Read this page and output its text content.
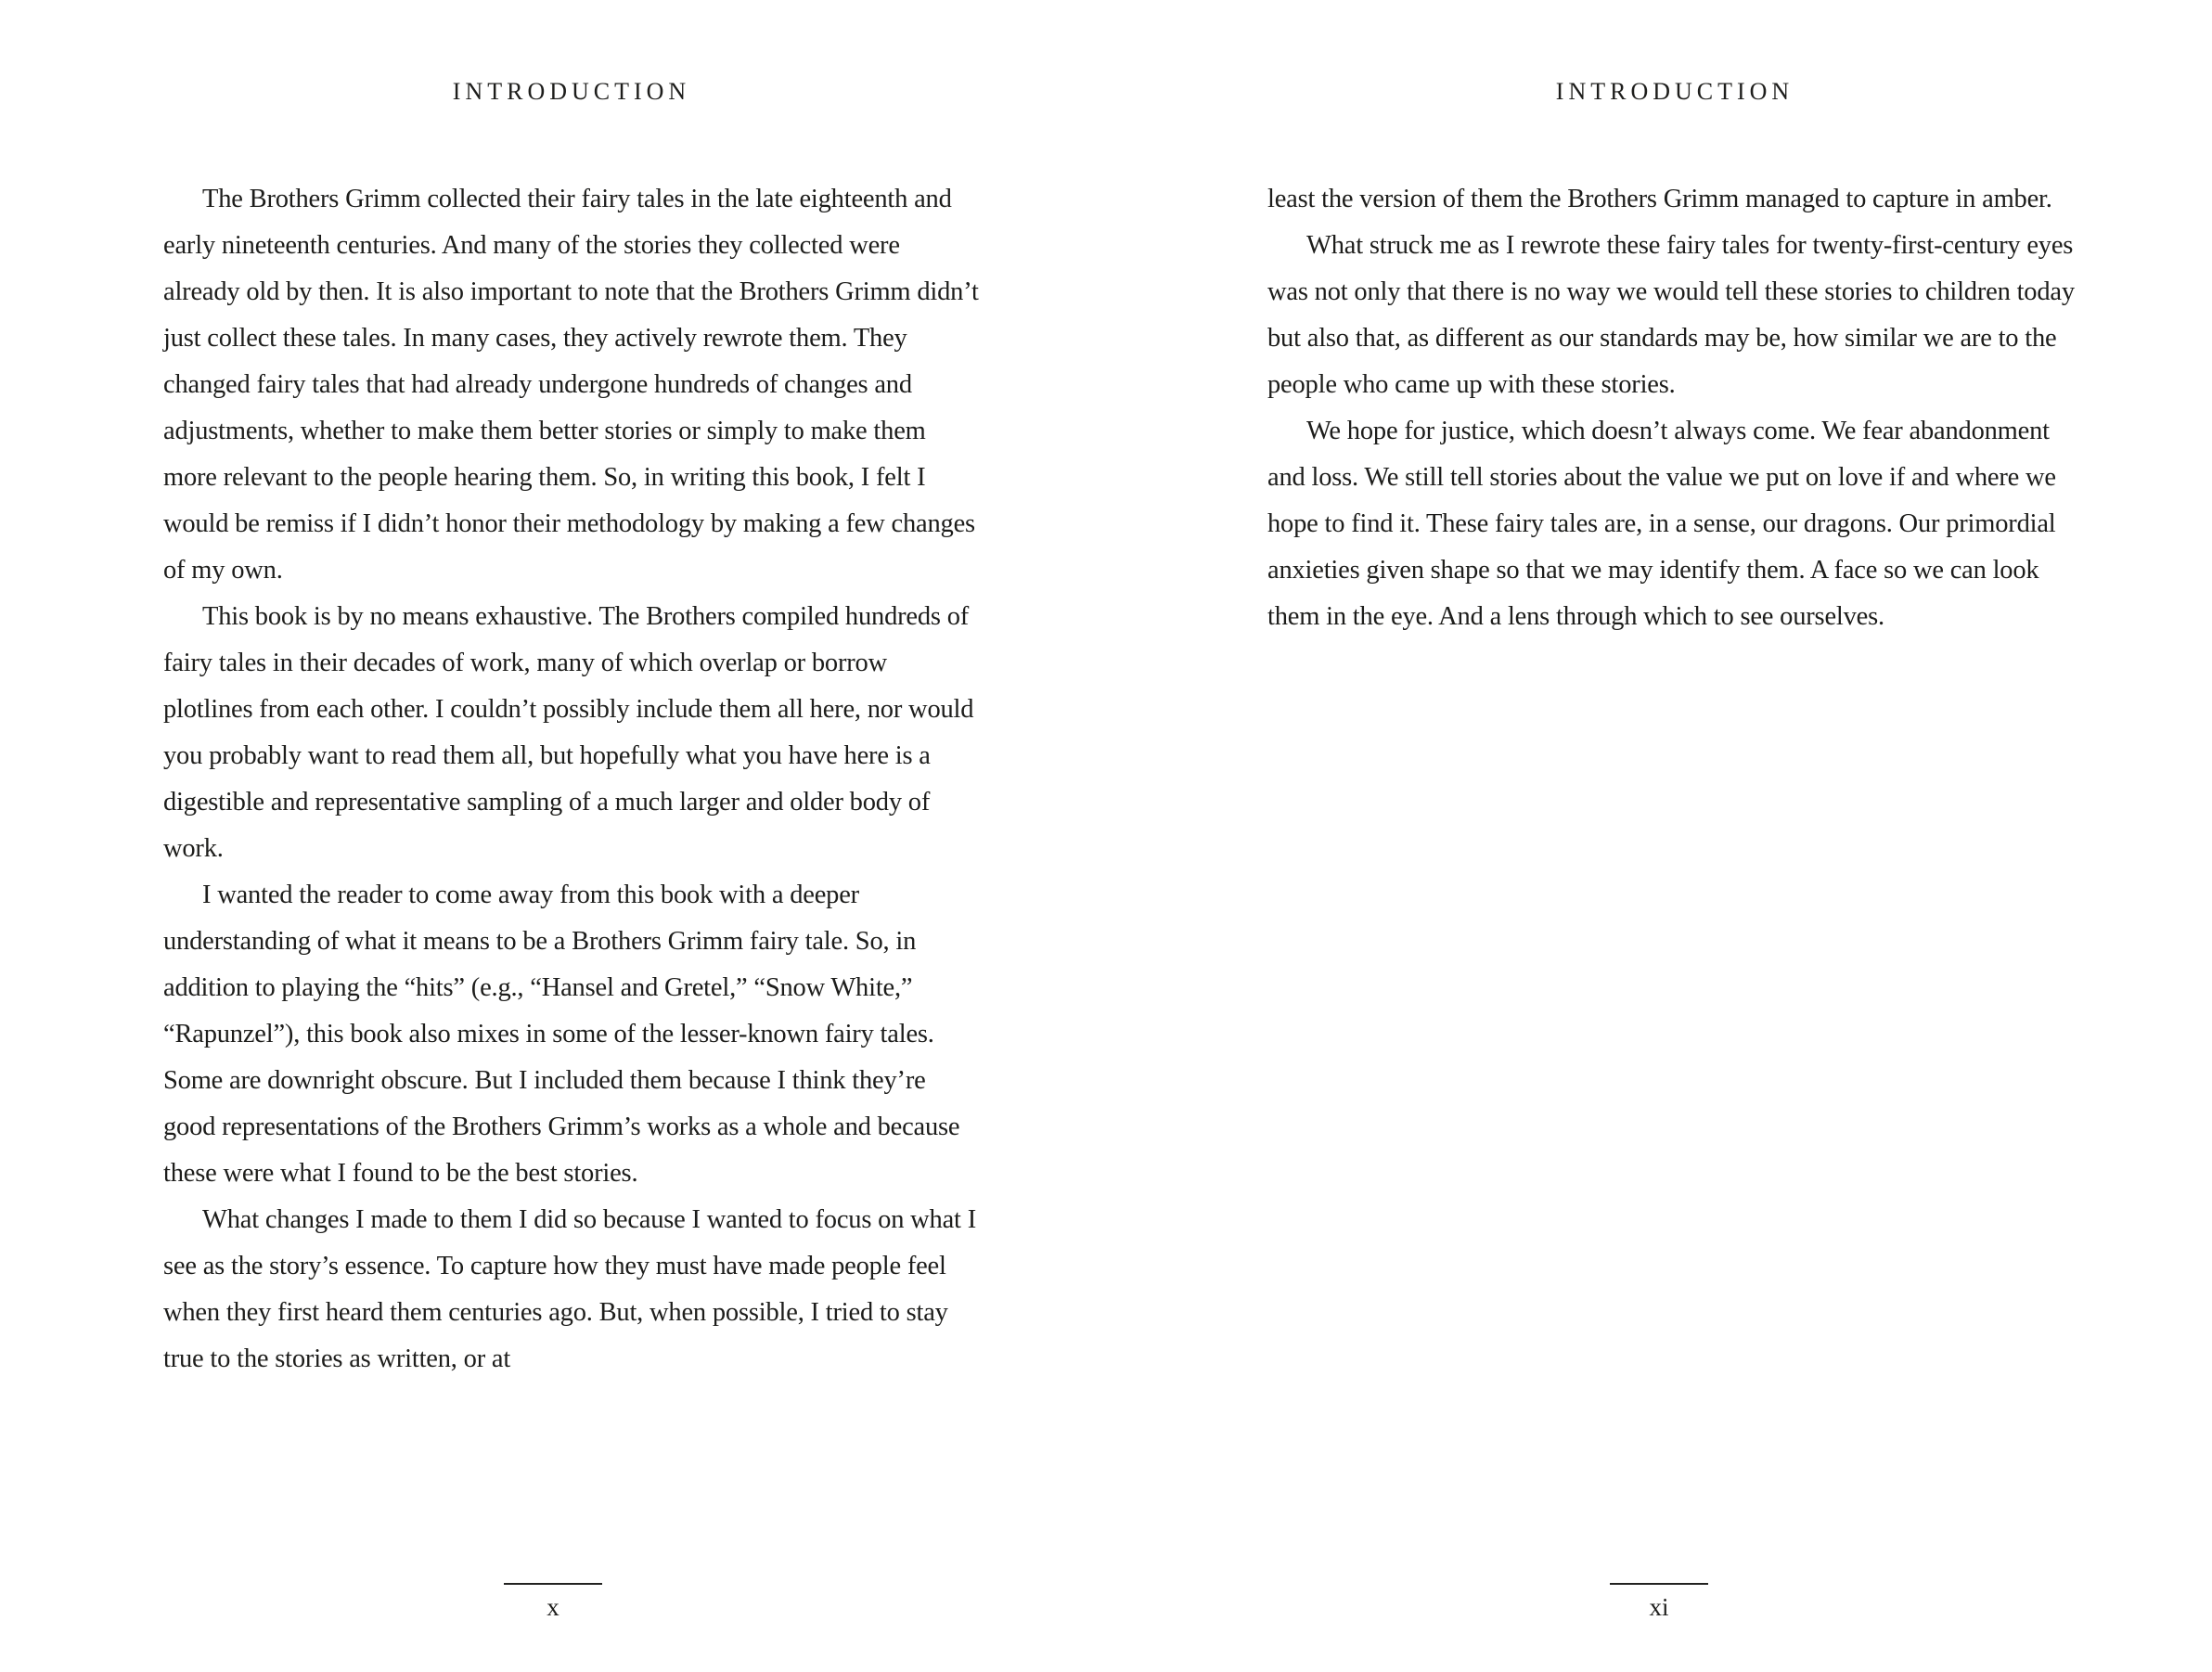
INTRODUCTION

The Brothers Grimm collected their fairy tales in the late eighteenth and early nineteenth centuries. And many of the stories they collected were already old by then. It is also important to note that the Brothers Grimm didn’t just collect these tales. In many cases, they actively rewrote them. They changed fairy tales that had already undergone hundreds of changes and adjustments, whether to make them better stories or simply to make them more relevant to the people hearing them. So, in writing this book, I felt I would be remiss if I didn’t honor their methodology by making a few changes of my own.

This book is by no means exhaustive. The Brothers compiled hundreds of fairy tales in their decades of work, many of which overlap or borrow plotlines from each other. I couldn’t possibly include them all here, nor would you probably want to read them all, but hopefully what you have here is a digestible and representative sampling of a much larger and older body of work.

I wanted the reader to come away from this book with a deeper understanding of what it means to be a Brothers Grimm fairy tale. So, in addition to playing the “hits” (e.g., “Hansel and Gretel,” “Snow White,” “Rapunzel”), this book also mixes in some of the lesser-known fairy tales. Some are downright obscure. But I included them because I think they’re good representations of the Brothers Grimm’s works as a whole and because these were what I found to be the best stories.

What changes I made to them I did so because I wanted to focus on what I see as the story’s essence. To capture how they must have made people feel when they first heard them centuries ago. But, when possible, I tried to stay true to the stories as written, or at

x
INTRODUCTION

least the version of them the Brothers Grimm managed to capture in amber.

What struck me as I rewrote these fairy tales for twenty-first-century eyes was not only that there is no way we would tell these stories to children today but also that, as different as our standards may be, how similar we are to the people who came up with these stories.

We hope for justice, which doesn’t always come. We fear abandonment and loss. We still tell stories about the value we put on love if and where we hope to find it. These fairy tales are, in a sense, our dragons. Our primordial anxieties given shape so that we may identify them. A face so we can look them in the eye. And a lens through which to see ourselves.

xi
